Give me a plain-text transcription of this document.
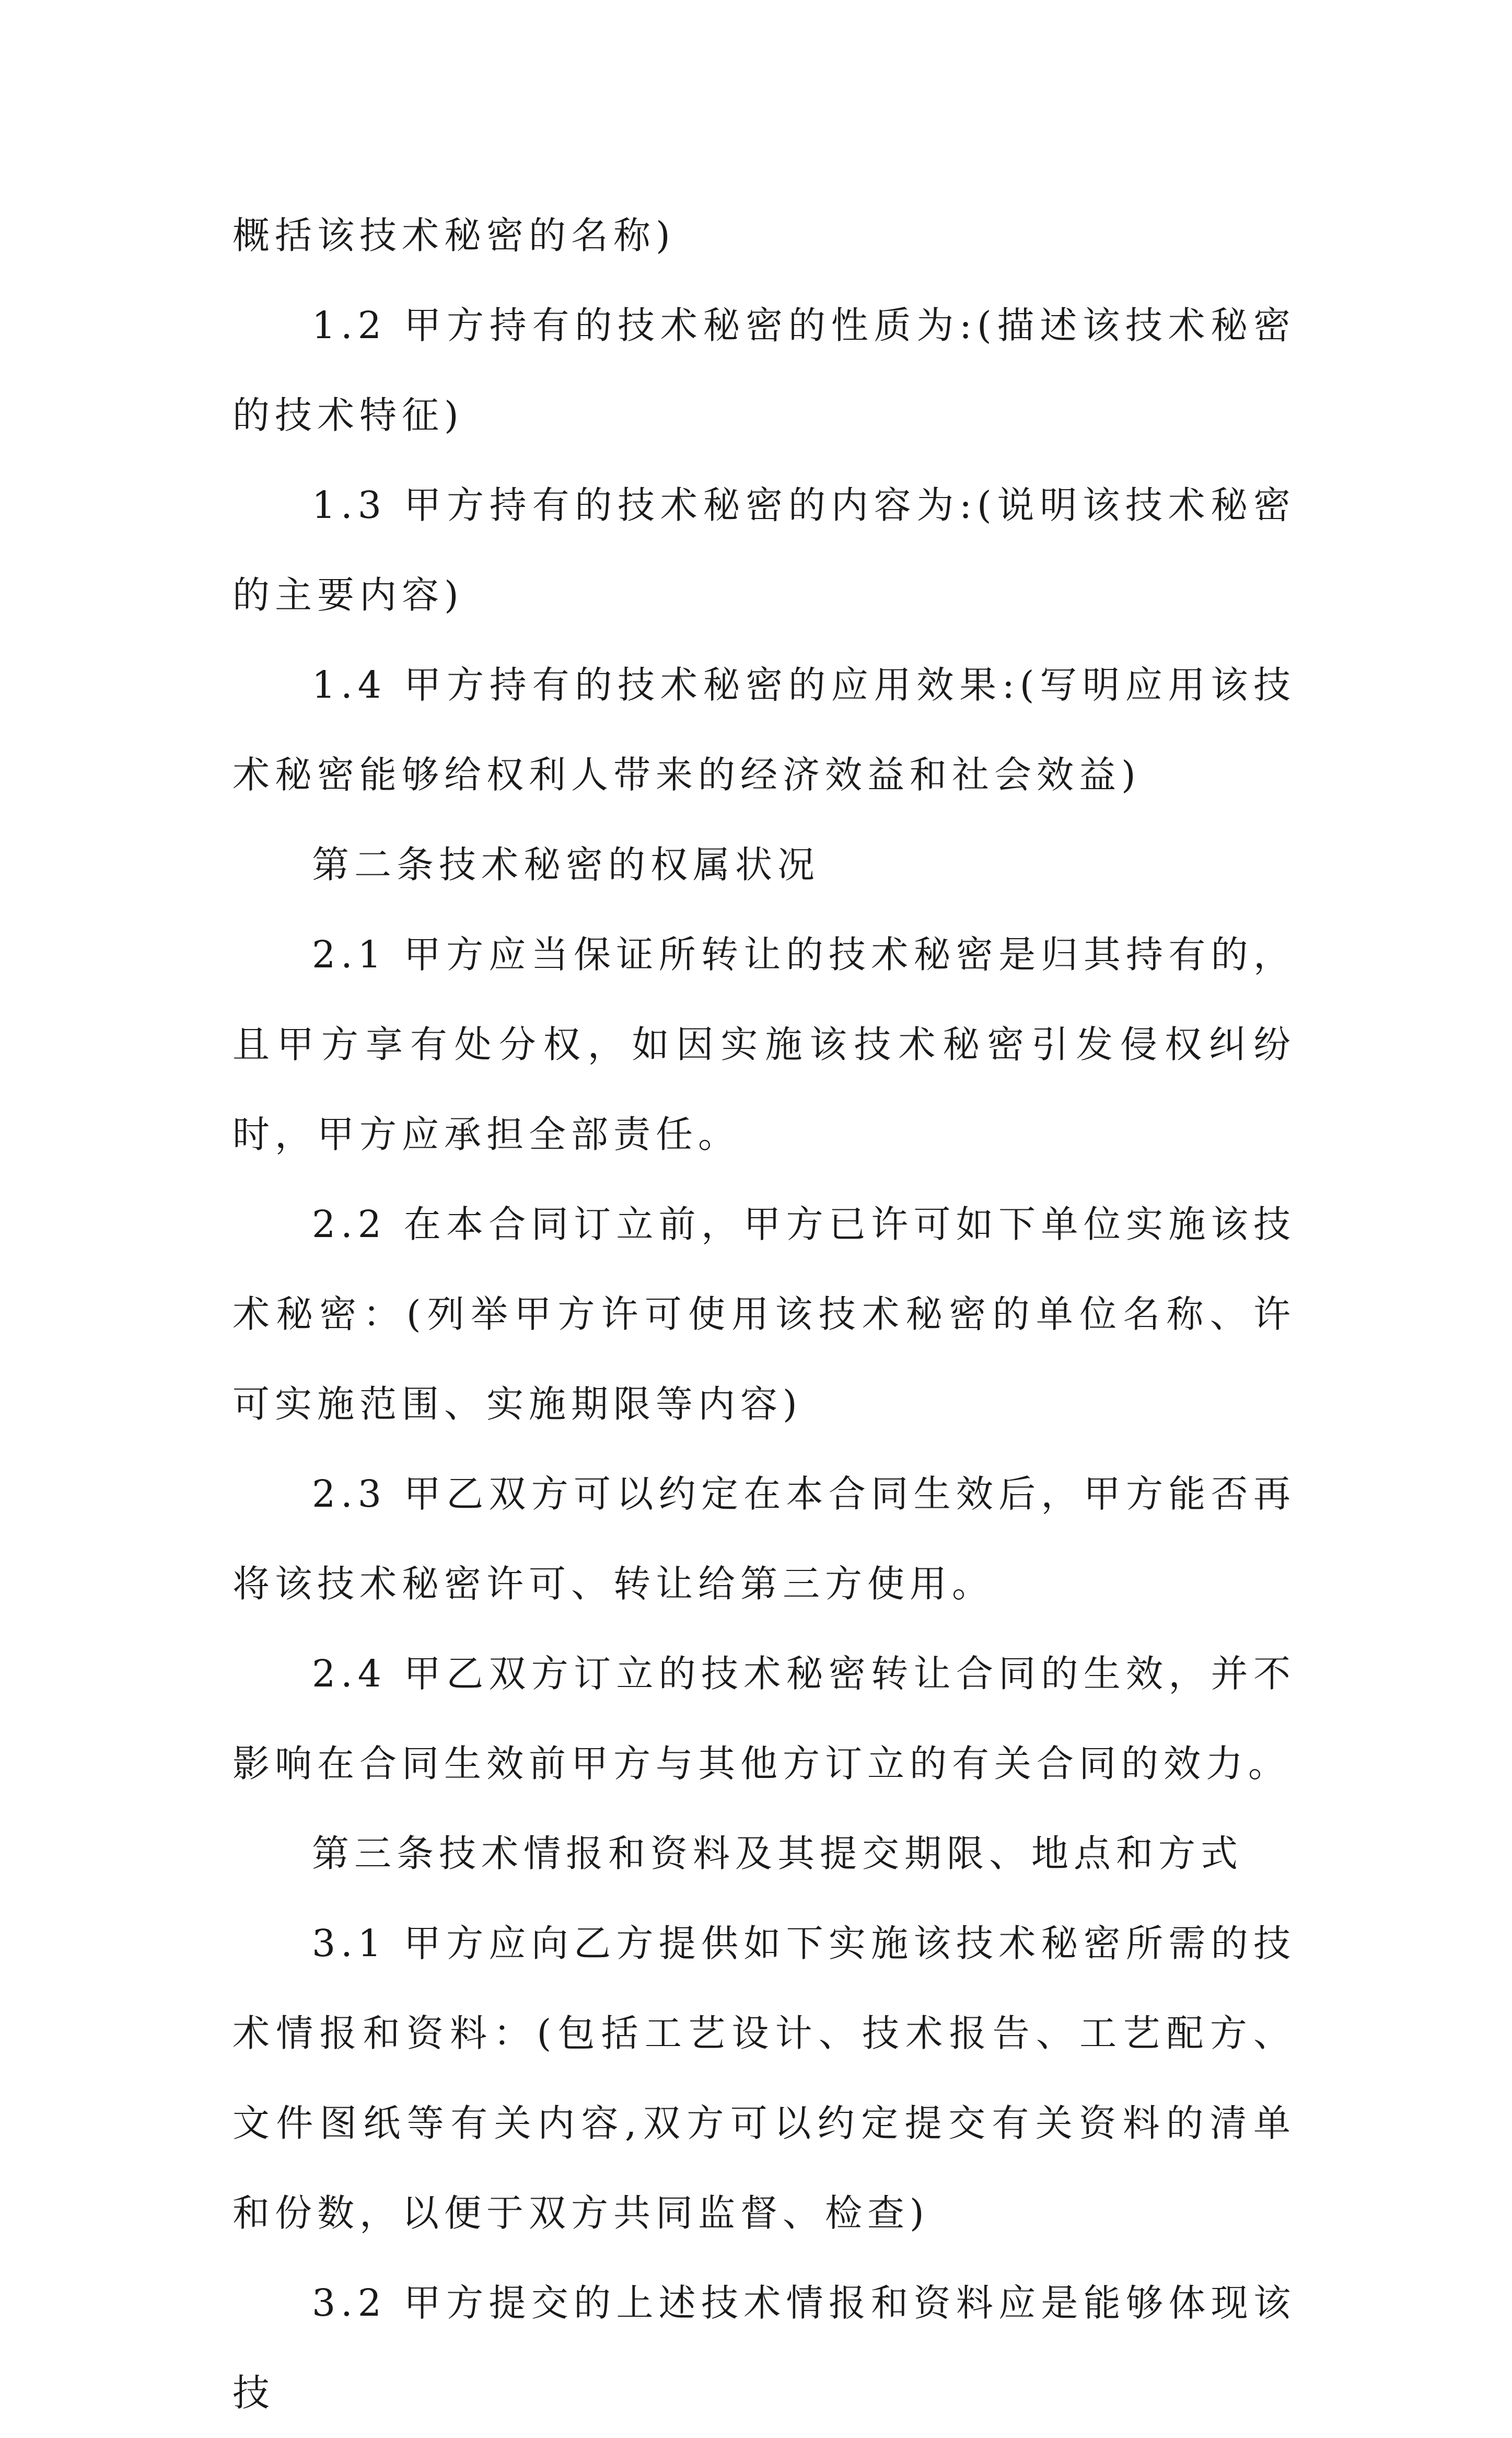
概括该技术秘密的名称)

1.2 甲方持有的技术秘密的性质为:(描述该技术秘密的技术特征)

1.3 甲方持有的技术秘密的内容为:(说明该技术秘密的主要内容)

1.4 甲方持有的技术秘密的应用效果:(写明应用该技术秘密能够给权利人带来的经济效益和社会效益)

第二条技术秘密的权属状况

2.1 甲方应当保证所转让的技术秘密是归其持有的，且甲方享有处分权，如因实施该技术秘密引发侵权纠纷时，甲方应承担全部责任。

2.2 在本合同订立前，甲方已许可如下单位实施该技术秘密：(列举甲方许可使用该技术秘密的单位名称、许可实施范围、实施期限等内容)

2.3 甲乙双方可以约定在本合同生效后，甲方能否再将该技术秘密许可、转让给第三方使用。

2.4 甲乙双方订立的技术秘密转让合同的生效，并不影响在合同生效前甲方与其他方订立的有关合同的效力。

第三条技术情报和资料及其提交期限、地点和方式

3.1 甲方应向乙方提供如下实施该技术秘密所需的技术情报和资料：(包括工艺设计、技术报告、工艺配方、文件图纸等有关内容,双方可以约定提交有关资料的清单和份数，以便于双方共同监督、检查)

3.2 甲方提交的上述技术情报和资料应是能够体现该技
